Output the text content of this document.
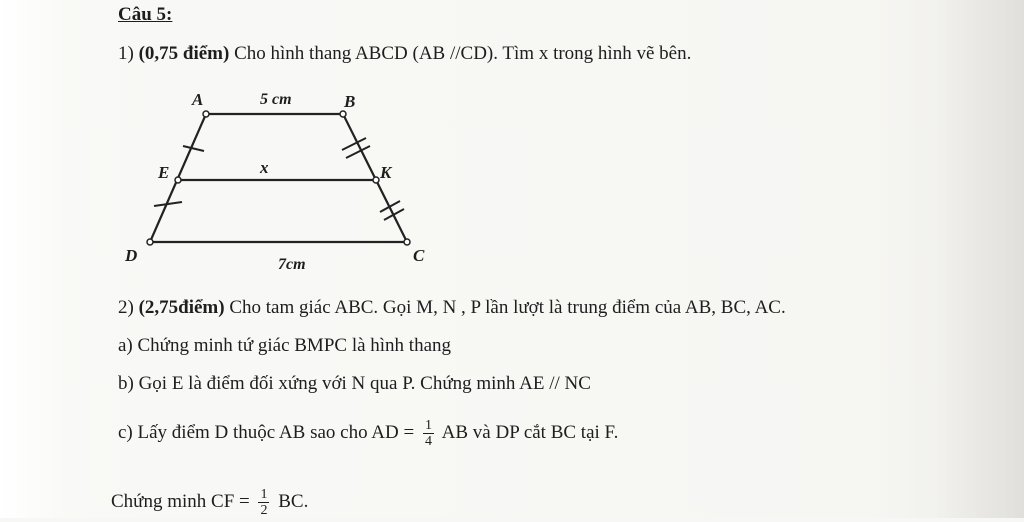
Câu 5:
1) (0,75 điểm) Cho hình thang ABCD (AB //CD). Tìm x trong hình vẽ bên.
A	B
5 cm
E	x	K
D	7cm	C
2) (2,75điểm) Cho tam giác ABC. Gọi M, N , P lần lượt là trung điểm của AB, BC, AC.
a) Chứng minh tứ giác BMPC là hình thang
b) Gọi E là điểm đối xứng với N qua P. Chứng minh AE // NC
c) Lấy điểm D thuộc AB sao cho AD = $\frac{1}{4}$ AB và DP cắt BC tại F.
Chứng minh CF = $\frac{1}{2}$ BC.
